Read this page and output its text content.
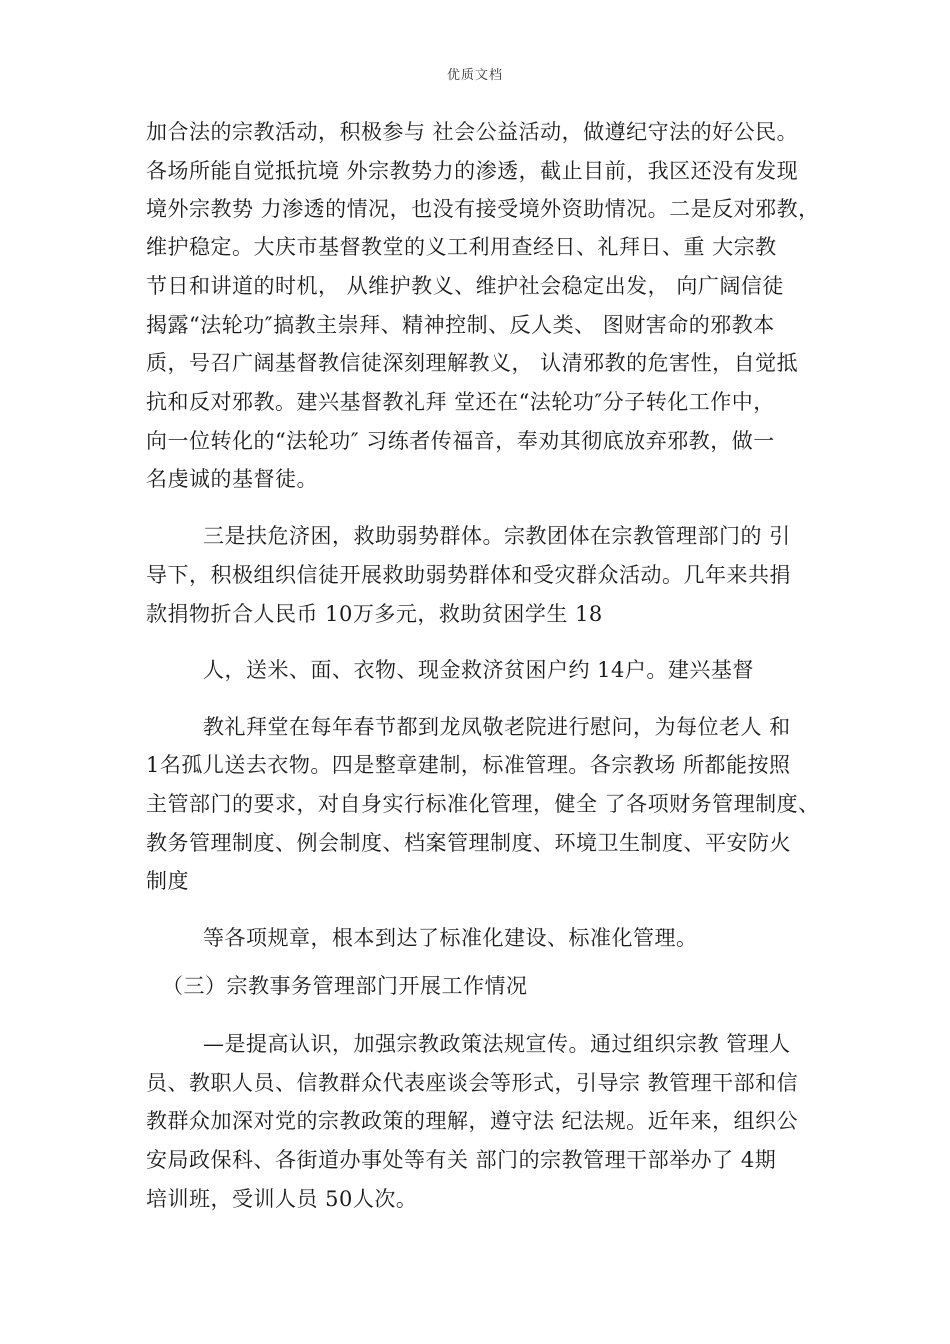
优质文档
加合法的宗教活动，积极参与 社会公益活动，做遵纪守法的好公民。
各场所能自觉抵抗境 外宗教势力的渗透，截止目前，我区还没有发现
境外宗教势 力渗透的情况，也没有接受境外资助情况。二是反对邪教，
维护稳定。大庆市基督教堂的义工利用查经日、礼拜日、重 大宗教
节日和讲道的时机， 从维护教义、维护社会稳定出发， 向广阔信徒
揭露“法轮功″搞教主崇拜、精神控制、反人类、 图财害命的邪教本
质，号召广阔基督教信徒深刻理解教义， 认清邪教的危害性，自觉抵
抗和反对邪教。建兴基督教礼拜 堂还在“法轮功″分子转化工作中，
向一位转化的“法轮功″ 习练者传福音，奉劝其彻底放弃邪教，做一
名虔诚的基督徒。
三是扶危济困，救助弱势群体。宗教团体在宗教管理部门的 引
导下，积极组织信徒开展救助弱势群体和受灾群众活动。几年来共捐
款捐物折合人民币 10万多元，救助贫困学生 18
人，送米、面、衣物、现金救济贫困户约 14户。建兴基督
教礼拜堂在每年春节都到龙凤敬老院进行慰问，为每位老人 和
1名孤儿送去衣物。四是整章建制，标准管理。各宗教场 所都能按照
主管部门的要求，对自身实行标准化管理，健全 了各项财务管理制度、
教务管理制度、例会制度、档案管理制度、环境卫生制度、平安防火
制度
等各项规章，根本到达了标准化建设、标准化管理。
（三）宗教事务管理部门开展工作情况
—是提高认识，加强宗教政策法规宣传。通过组织宗教 管理人
员、教职人员、信教群众代表座谈会等形式，引导宗 教管理干部和信
教群众加深对党的宗教政策的理解，遵守法 纪法规。近年来，组织公
安局政保科、各街道办事处等有关 部门的宗教管理干部举办了 4期
培训班，受训人员 50人次。
